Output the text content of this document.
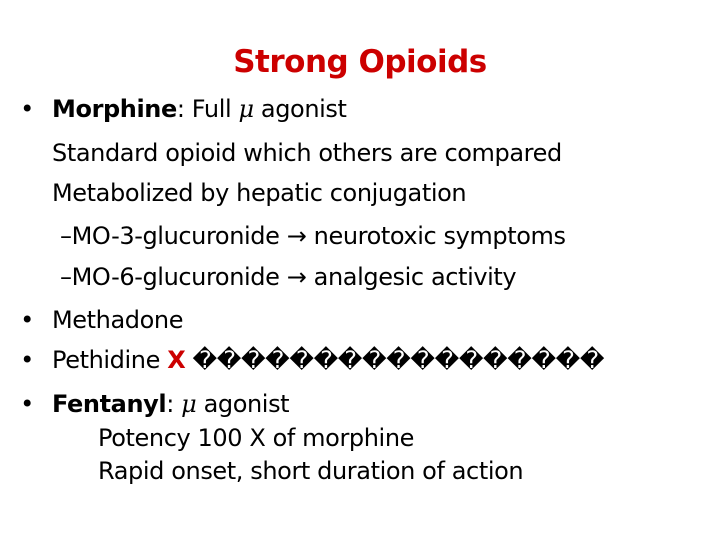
Strong Opioids
• Morphine: Full μ agonist
Standard opioid which others are compared
Metabolized by hepatic conjugation
–MO-3-glucuronide → neurotoxic symptoms
–MO-6-glucuronide → analgesic activity
• Methadone
• Pethidine X �����������������
• Fentanyl: μ agonist
Potency 100 X of morphine
Rapid onset, short duration of action
